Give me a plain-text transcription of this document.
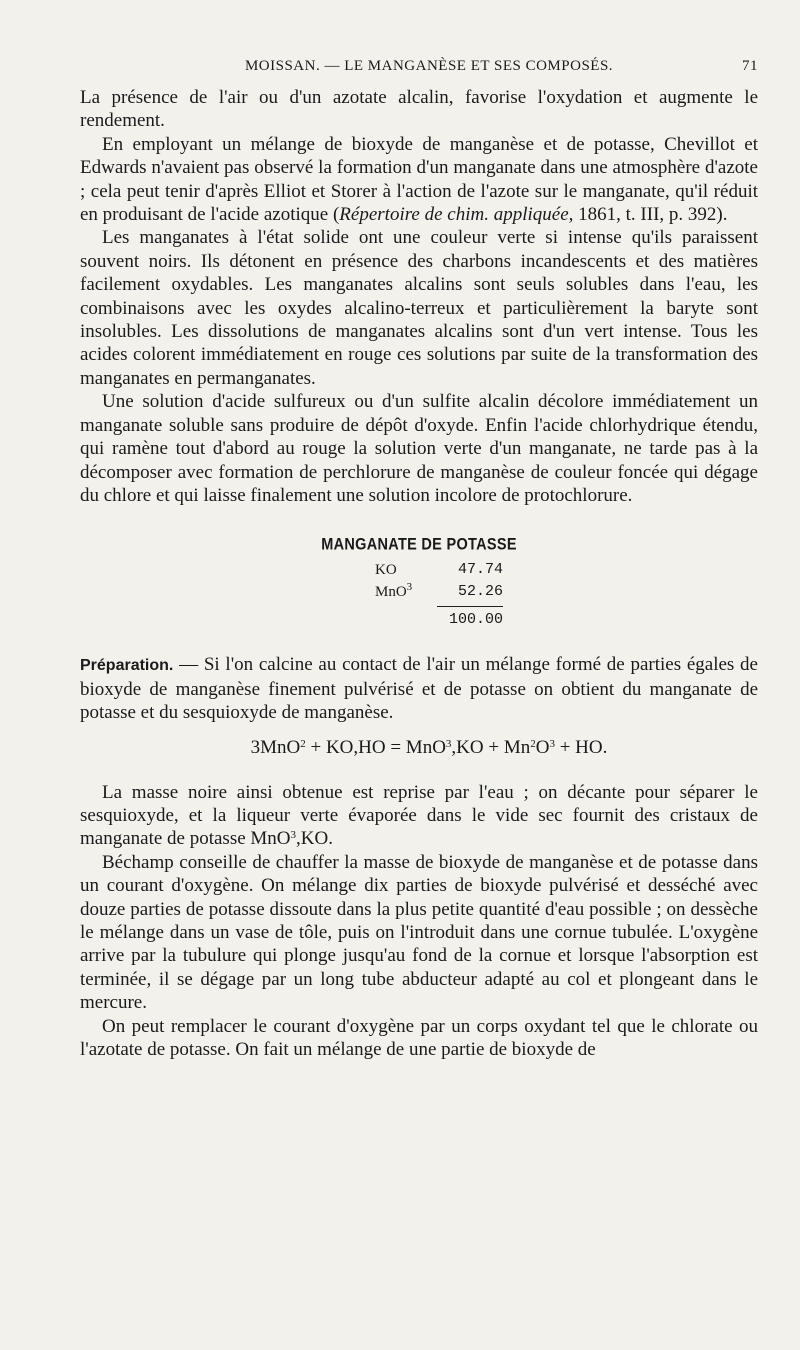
MOISSAN. — LE MANGANÈSE ET SES COMPOSÉS.	71

La présence de l'air ou d'un azotate alcalin, favorise l'oxydation et augmente le rendement.

En employant un mélange de bioxyde de manganèse et de potasse, Chevillot et Edwards n'avaient pas observé la formation d'un manganate dans une atmosphère d'azote ; cela peut tenir d'après Elliot et Storer à l'action de l'azote sur le manganate, qu'il réduit en produisant de l'acide azotique (Répertoire de chim. appliquée, 1861, t. III, p. 392).

Les manganates à l'état solide ont une couleur verte si intense qu'ils paraissent souvent noirs. Ils détonent en présence des charbons incandescents et des matières facilement oxydables. Les manganates alcalins sont seuls solubles dans l'eau, les combinaisons avec les oxydes alcalino-terreux et particulièrement la baryte sont insolubles. Les dissolutions de manganates alcalins sont d'un vert intense. Tous les acides colorent immédiatement en rouge ces solutions par suite de la transformation des manganates en permanganates.

Une solution d'acide sulfureux ou d'un sulfite alcalin décolore immédiatement un manganate soluble sans produire de dépôt d'oxyde. Enfin l'acide chlorhydrique étendu, qui ramène tout d'abord au rouge la solution verte d'un manganate, ne tarde pas à la décomposer avec formation de perchlorure de manganèse de couleur foncée qui dégage du chlore et qui laisse finalement une solution incolore de protochlorure.

MANGANATE DE POTASSE
KO	47.74
MnO$^3$	52.26
100.00

Préparation. — Si l'on calcine au contact de l'air un mélange formé de parties égales de bioxyde de manganèse finement pulvérisé et de potasse on obtient du manganate de potasse et du sesquioxyde de manganèse.

$3MnO^2 + KO,HO = MnO^3,KO + Mn^2O^3$ + HO.

La masse noire ainsi obtenue est reprise par l'eau ; on décante pour séparer le sesquioxyde, et la liqueur verte évaporée dans le vide sec fournit des cristaux de manganate de potasse MnO$^3$,KO.

Béchamp conseille de chauffer la masse de bioxyde de manganèse et de potasse dans un courant d'oxygène. On mélange dix parties de bioxyde pulvérisé et desséché avec douze parties de potasse dissoute dans la plus petite quantité d'eau possible ; on dessèche le mélange dans un vase de tôle, puis on l'introduit dans une cornue tubulée. L'oxygène arrive par la tubulure qui plonge jusqu'au fond de la cornue et lorsque l'absorption est terminée, il se dégage par un long tube abducteur adapté au col et plongeant dans le mercure.

On peut remplacer le courant d'oxygène par un corps oxydant tel que le chlorate ou l'azotate de potasse. On fait un mélange de une partie de bioxyde de
